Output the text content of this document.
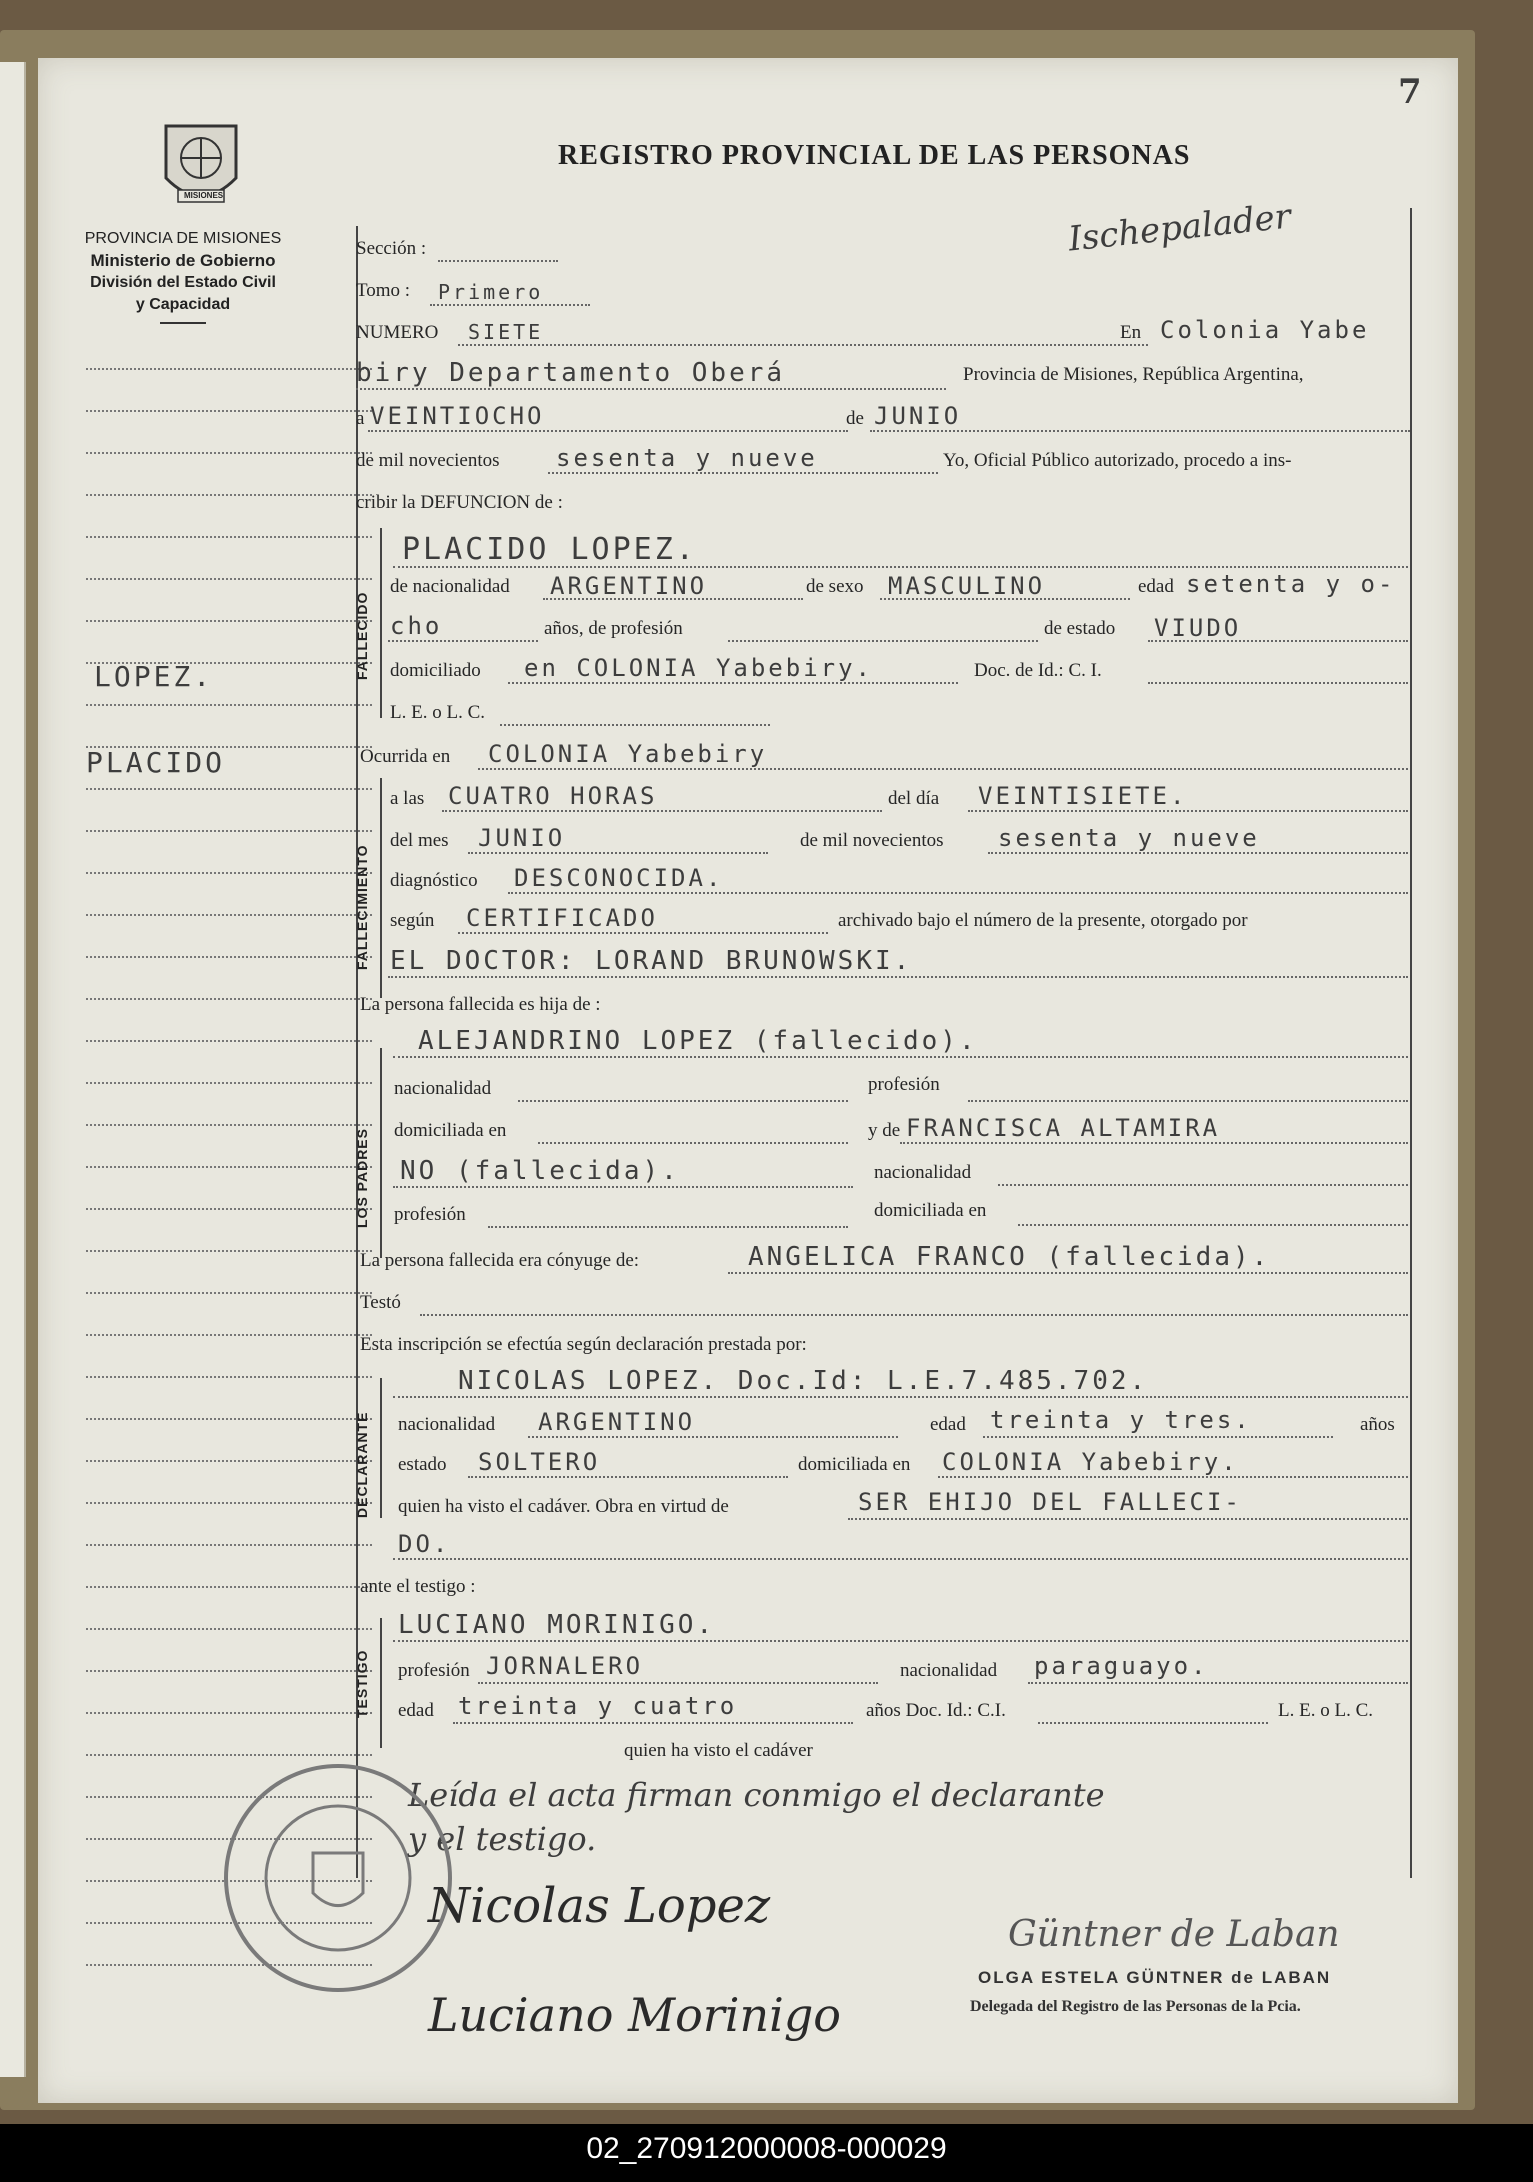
7
MISIONES
PROVINCIA DE MISIONES
Ministerio de Gobierno
División del Estado Civil
y Capacidad
REGISTRO PROVINCIAL DE LAS PERSONAS
Ischepalader
LOPEZ.
PLACIDO
FALLECIDO
FALLECIMIENTO
LOS PADRES
DECLARANTE
TESTIGO
Sección :
Tomo : Primero
NUMERO SIETE	En Colonia Yabe
biry Departamento Oberá	Provincia de Misiones, República Argentina,
a VEINTIOCHO	de JUNIO
de mil novecientos sesenta y nueve	Yo, Oficial Público autorizado, procedo a ins-
cribir la DEFUNCION de :
PLACIDO LOPEZ.
de nacionalidad ARGENTINO	de sexo MASCULINO	edad setenta y o-
cho	años, de profesión	de estado VIUDO
domiciliado en COLONIA Yabebiry.	Doc. de Id.: C. I.
L. E. o L. C.
Ocurrida en COLONIA Yabebiry
a las CUATRO HORAS	del día VEINTISIETE.
del mes JUNIO	de mil novecientos sesenta y nueve
diagnóstico DESCONOCIDA.
según CERTIFICADO	archivado bajo el número de la presente, otorgado por
EL DOCTOR: LORAND BRUNOWSKI.
La persona fallecida es hija de :
ALEJANDRINO LOPEZ (fallecido).
nacionalidad	profesión
domiciliada en	y de FRANCISCA ALTAMIRA
NO (fallecida).	nacionalidad
profesión	domiciliada en
La persona fallecida era cónyuge de:	ANGELICA FRANCO (fallecida).
Testó
Esta inscripción se efectúa según declaración prestada por:
NICOLAS LOPEZ. Doc.Id: L.E.7.485.702.
nacionalidad ARGENTINO	edad treinta y tres.	años
estado SOLTERO	domiciliada en COLONIA Yabebiry.
quien ha visto el cadáver. Obra en virtud de	SER EHIJO DEL FALLECI-
DO.
ante el testigo :
LUCIANO MORINIGO.
profesión JORNALERO	nacionalidad paraguayo.
edad treinta y cuatro	años Doc. Id.: C.I.	L. E. o L. C.
quien ha visto el cadáver
Leída el acta firman conmigo el declarante
y el testigo.
Nicolas Lopez
Luciano Morinigo
Güntner de Laban
OLGA ESTELA GÜNTNER de LABAN
Delegada del Registro de las Personas de la Pcia.
02_270912000008-000029
